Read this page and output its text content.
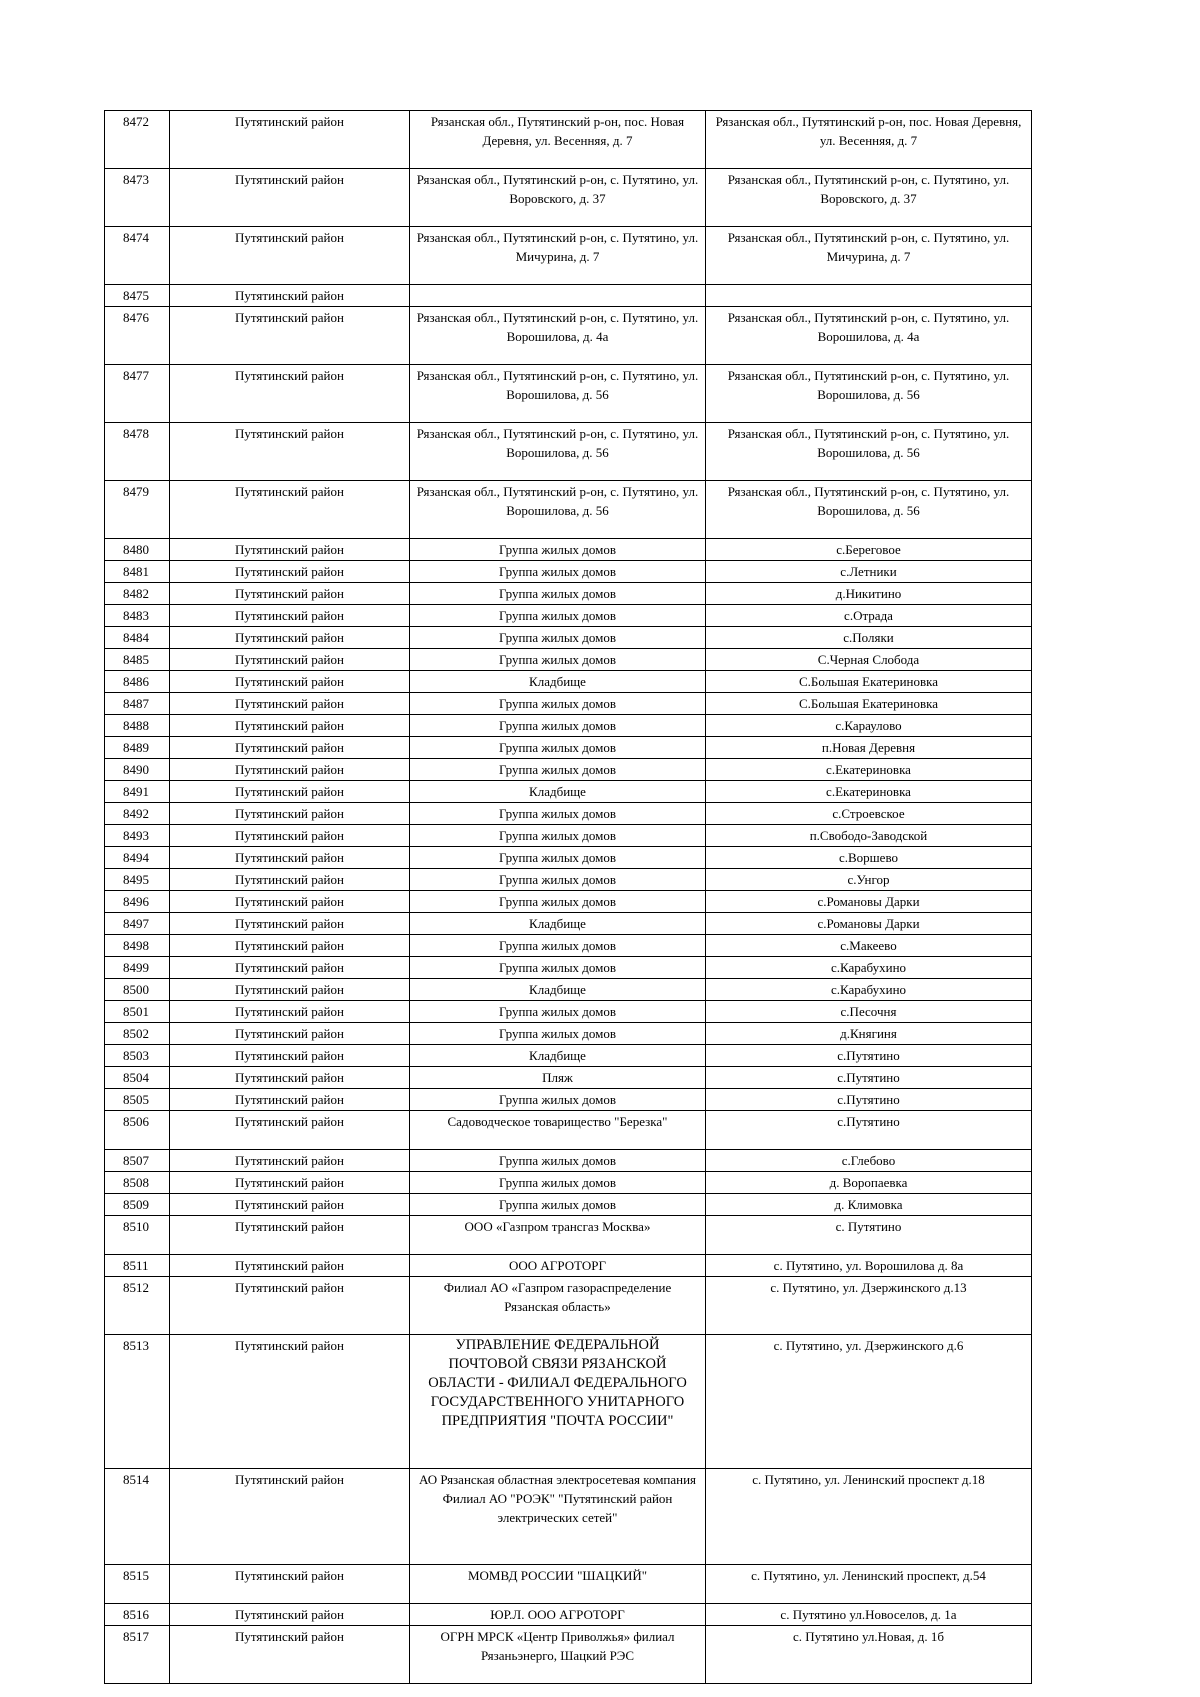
8472	Путятинский район	Рязанская обл., Путятинский р-он, пос. Новая Деревня, ул. Весенняя, д. 7	Рязанская обл., Путятинский р-он, пос. Новая Деревня, ул. Весенняя, д. 7
8473	Путятинский район	Рязанская обл., Путятинский р-он, с. Путятино, ул. Воровского, д. 37	Рязанская обл., Путятинский р-он, с. Путятино, ул. Воровского, д. 37
8474	Путятинский район	Рязанская обл., Путятинский р-он, с. Путятино, ул. Мичурина, д. 7	Рязанская обл., Путятинский р-он, с. Путятино, ул. Мичурина, д. 7
8475	Путятинский район		
8476	Путятинский район	Рязанская обл., Путятинский р-он, с. Путятино, ул. Ворошилова, д. 4а	Рязанская обл., Путятинский р-он, с. Путятино, ул. Ворошилова, д. 4а
8477	Путятинский район	Рязанская обл., Путятинский р-он, с. Путятино, ул. Ворошилова, д. 56	Рязанская обл., Путятинский р-он, с. Путятино, ул. Ворошилова, д. 56
8478	Путятинский район	Рязанская обл., Путятинский р-он, с. Путятино, ул. Ворошилова, д. 56	Рязанская обл., Путятинский р-он, с. Путятино, ул. Ворошилова, д. 56
8479	Путятинский район	Рязанская обл., Путятинский р-он, с. Путятино, ул. Ворошилова, д. 56	Рязанская обл., Путятинский р-он, с. Путятино, ул. Ворошилова, д. 56
8480	Путятинский район	Группа жилых домов	с.Береговое
8481	Путятинский район	Группа жилых домов	с.Летники
8482	Путятинский район	Группа жилых домов	д.Никитино
8483	Путятинский район	Группа жилых домов	с.Отрада
8484	Путятинский район	Группа жилых домов	с.Поляки
8485	Путятинский район	Группа жилых домов	С.Черная Слобода
8486	Путятинский район	Кладбище	С.Большая Екатериновка
8487	Путятинский район	Группа жилых домов	С.Большая Екатериновка
8488	Путятинский район	Группа жилых домов	с.Караулово
8489	Путятинский район	Группа жилых домов	п.Новая Деревня
8490	Путятинский район	Группа жилых домов	с.Екатериновка
8491	Путятинский район	Кладбище	с.Екатериновка
8492	Путятинский район	Группа жилых домов	с.Строевское
8493	Путятинский район	Группа жилых домов	п.Свободо-Заводской
8494	Путятинский район	Группа жилых домов	с.Воршево
8495	Путятинский район	Группа жилых домов	с.Унгор
8496	Путятинский район	Группа жилых домов	с.Романовы Дарки
8497	Путятинский район	Кладбище	с.Романовы Дарки
8498	Путятинский район	Группа жилых домов	с.Макеево
8499	Путятинский район	Группа жилых домов	с.Карабухино
8500	Путятинский район	Кладбище	с.Карабухино
8501	Путятинский район	Группа жилых домов	с.Песочня
8502	Путятинский район	Группа жилых домов	д.Княгиня
8503	Путятинский район	Кладбище	с.Путятино
8504	Путятинский район	Пляж	с.Путятино
8505	Путятинский район	Группа жилых домов	с.Путятино
8506	Путятинский район	Садоводческое товарищество "Березка"	с.Путятино
8507	Путятинский район	Группа жилых домов	с.Глебово
8508	Путятинский район	Группа жилых домов	д. Воропаевка
8509	Путятинский район	Группа жилых домов	д. Климовка
8510	Путятинский район	ООО «Газпром трансгаз Москва»	с. Путятино
8511	Путятинский район	ООО АГРОТОРГ	с. Путятино, ул. Ворошилова д. 8а
8512	Путятинский район	Филиал АО «Газпром газораспределение Рязанская область»	с. Путятино, ул. Дзержинского д.13
8513	Путятинский район	УПРАВЛЕНИЕ ФЕДЕРАЛЬНОЙ ПОЧТОВОЙ СВЯЗИ РЯЗАНСКОЙ ОБЛАСТИ - ФИЛИАЛ ФЕДЕРАЛЬНОГО ГОСУДАРСТВЕННОГО УНИТАРНОГО ПРЕДПРИЯТИЯ "ПОЧТА РОССИИ"	с. Путятино, ул. Дзержинского д.6
8514	Путятинский район	АО Рязанская областная электросетевая компания Филиал АО "РОЭК" "Путятинский район электрических сетей"	с. Путятино, ул. Ленинский проспект д.18
8515	Путятинский район	МОМВД РОССИИ "ШАЦКИЙ"	с. Путятино, ул. Ленинский проспект, д.54
8516	Путятинский район	ЮР.Л. ООО АГРОТОРГ	с. Путятино ул.Новоселов, д. 1а
8517	Путятинский район	ОГРН МРСК «Центр Приволжья» филиал Рязаньэнерго, Шацкий РЭС	с. Путятино ул.Новая, д. 1б
